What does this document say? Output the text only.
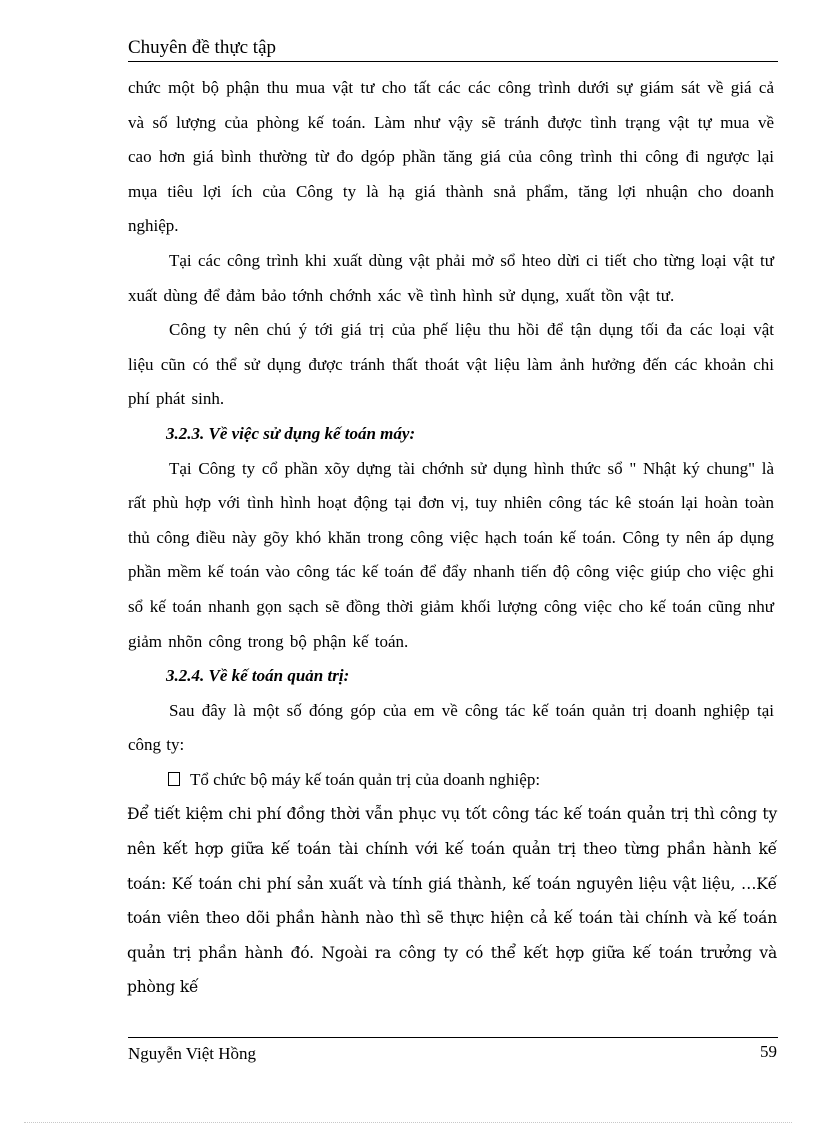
Chuyên đề thực tập

chức một bộ phận thu mua vật tư cho tất các các công trình dưới sự giám sát về giá cả và số lượng của phòng kế toán. Làm như vậy sẽ tránh được tình trạng vật tự mua về cao hơn giá bình thường từ đo dgóp phần tăng giá của công trình thi công đi ngược lại mụa tiêu lợi ích của Công ty là hạ giá thành snả phẩm, tăng lợi nhuận cho doanh nghiệp.

Tại các công trình khi xuất dùng vật phải mở sổ hteo dừi ci tiết cho từng loại vật tư xuất dùng để đảm bảo tớnh chớnh xác về tình hình sử dụng, xuất tồn vật tư.

Công ty nên chú ý tới giá trị của phế liệu thu hồi để tận dụng tối đa các loại vật liệu cũn có thể sử dụng được tránh thất thoát vật liệu làm ảnh hưởng đến các khoản chi phí phát sinh.

3.2.3. Về việc sử dụng kế toán máy:

Tại Công ty cổ phần xõy dựng tài chớnh sử dụng hình thức sổ " Nhật ký chung" là rất phù hợp với tình hình hoạt động tại đơn vị, tuy nhiên công tác kê stoán lại hoàn toàn thủ công điều này gõy khó khăn trong công việc hạch toán kế toán. Công ty nên áp dụng phần mềm kế toán vào công tác kế toán để đẩy nhanh tiến độ công việc giúp cho việc ghi sổ kế toán nhanh gọn sạch sẽ đồng thời giảm khối lượng công việc cho kế toán cũng như giảm nhõn công trong bộ phận kế toán.

3.2.4. Về kế toán quản trị:

Sau đây là một số đóng góp của em về công tác kế toán quản trị doanh nghiệp tại công ty:

Tổ chức bộ máy kế toán quản trị của doanh nghiệp:

Để tiết kiệm chi phí đồng thời vẫn phục vụ tốt công tác kế toán quản trị thì công ty nên kết hợp giữa kế toán tài chính với kế toán quản trị theo từng phần hành kế toán: Kế toán chi phí sản xuất và tính giá thành, kế toán nguyên liệu vật liệu, …Kế toán viên theo dõi phần hành nào thì sẽ thực hiện cả kế toán tài chính và kế toán quản trị phần hành đó. Ngoài ra công ty có thể kết hợp giữa kế toán trưởng và phòng kế

Nguyễn Việt Hồng	59
